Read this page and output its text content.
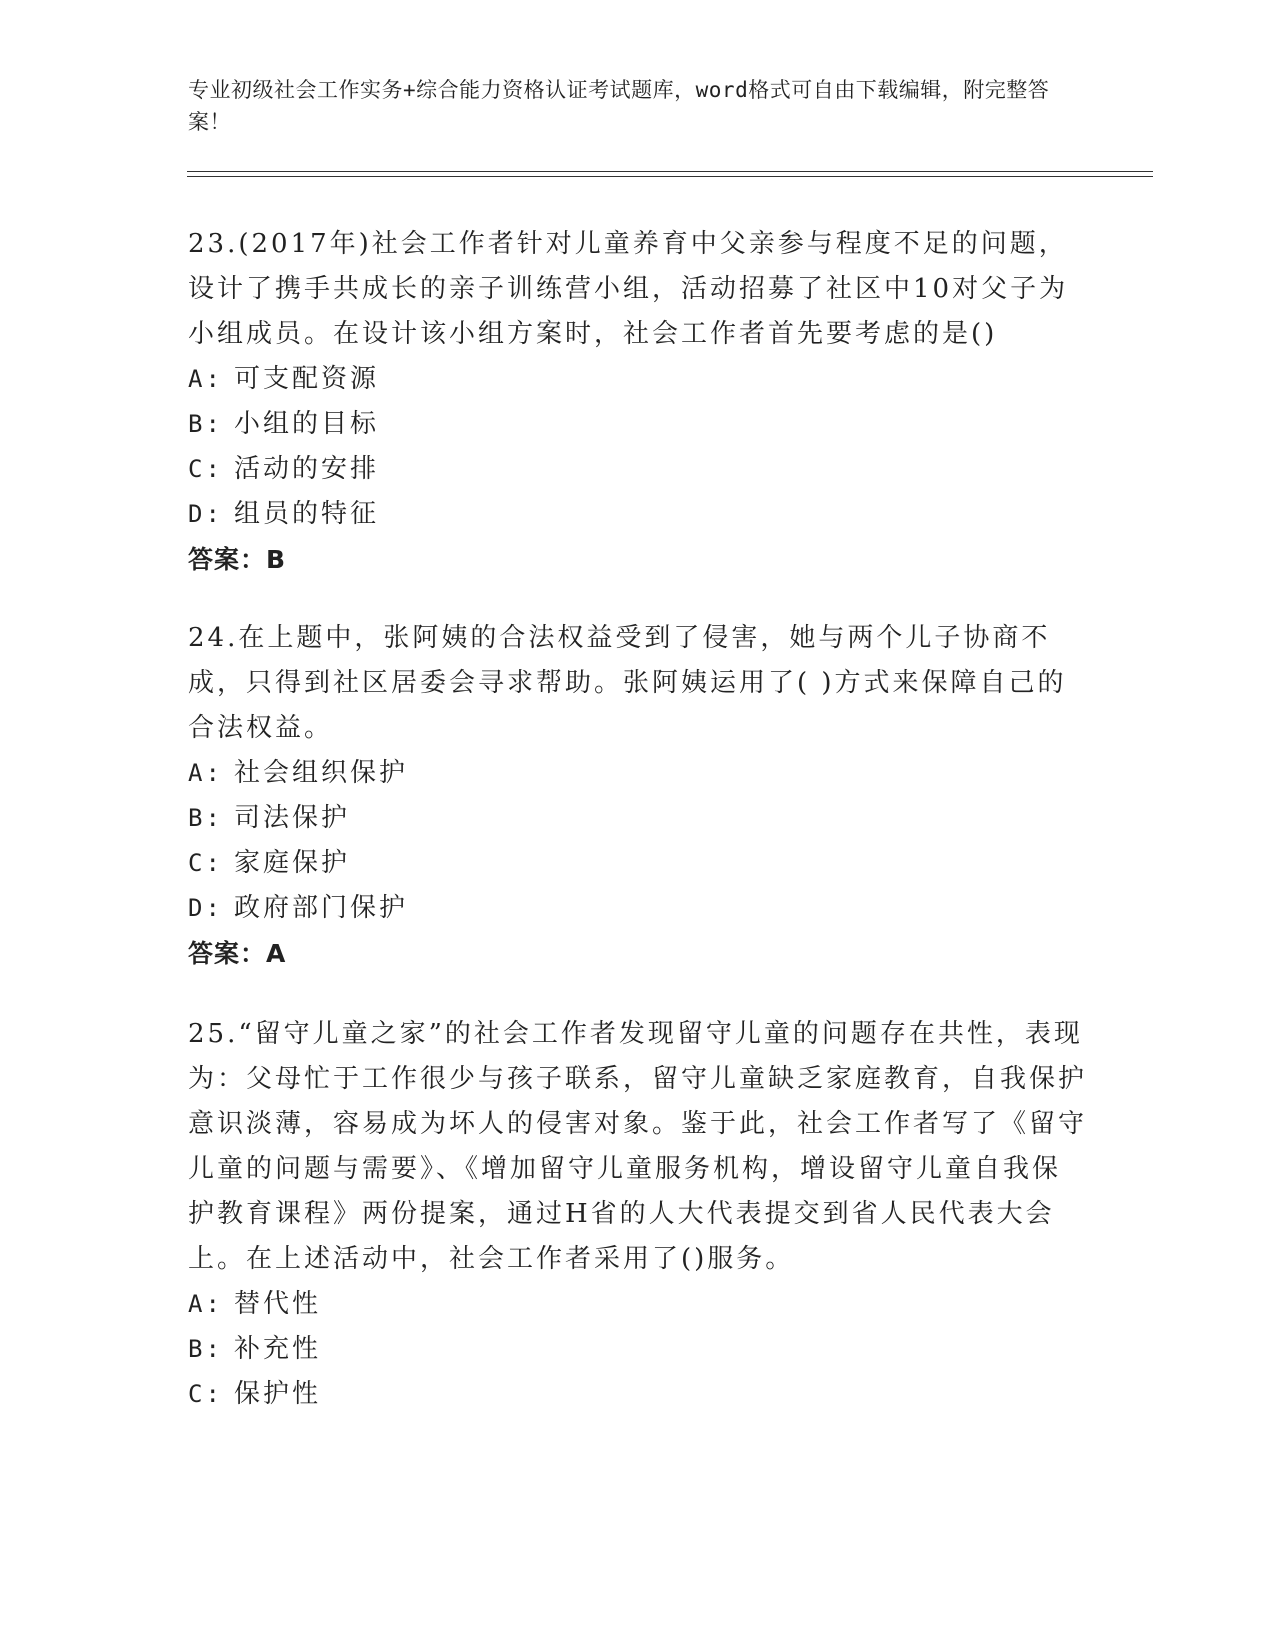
专业初级社会工作实务+综合能力资格认证考试题库，word格式可自由下载编辑，附完整答案！

23.(2017年)社会工作者针对儿童养育中父亲参与程度不足的问题，设计了携手共成长的亲子训练营小组，活动招募了社区中10对父子为小组成员。在设计该小组方案时，社会工作者首先要考虑的是()

A: 可支配资源

B: 小组的目标

C: 活动的安排

D: 组员的特征

答案：B

24.在上题中，张阿姨的合法权益受到了侵害，她与两个儿子协商不成，只得到社区居委会寻求帮助。张阿姨运用了( )方式来保障自己的合法权益。

A: 社会组织保护

B: 司法保护

C: 家庭保护

D: 政府部门保护

答案：A

25.“留守儿童之家”的社会工作者发现留守儿童的问题存在共性，表现为：父母忙于工作很少与孩子联系，留守儿童缺乏家庭教育，自我保护意识淡薄，容易成为坏人的侵害对象。鉴于此，社会工作者写了《留守儿童的问题与需要》、《增加留守儿童服务机构，增设留守儿童自我保护教育课程》两份提案，通过H省的人大代表提交到省人民代表大会上。在上述活动中，社会工作者采用了()服务。

A: 替代性

B: 补充性

C: 保护性
